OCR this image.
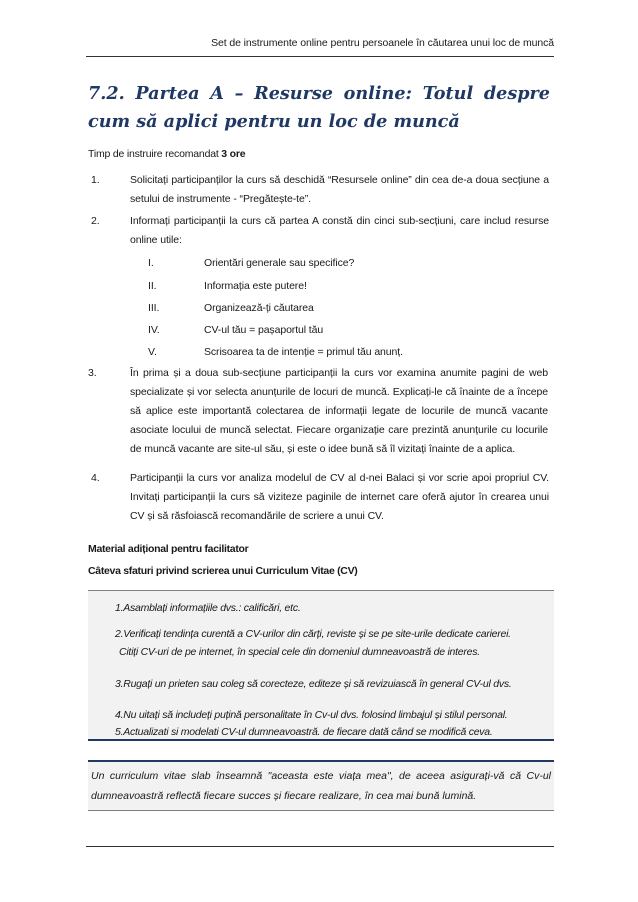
Set de instrumente online pentru persoanele în căutarea unui loc de muncă
7.2. Partea A – Resurse online: Totul despre cum să aplici pentru un loc de muncă
Timp de instruire recomandat 3 ore
1.	Solicitați participanților la curs să deschidă “Resursele online” din cea de-a doua secțiune a setului de instrumente - “Pregătește-te”.
2.	Informați participanții la curs că partea A constă din cinci sub-secțiuni, care includ resurse online utile:
I.	Orientări generale sau specifice?
II.	Informația este putere!
III.	Organizează-ți căutarea
IV.	CV-ul tău = pașaportul tău
V.	Scrisoarea ta de intenție = primul tău anunț.
3.	În prima și a doua sub-secțiune participanții la curs vor examina anumite pagini de web specializate și vor selecta anunțurile de locuri de muncă. Explicați-le că înainte de a începe să aplice este importantă colectarea de informații legate de locurile de muncă vacante asociate locului de muncă selectat. Fiecare organizație care prezintă anunțurile cu locurile de muncă vacante are site-ul său, și este o idee bună să îl vizitați înainte de a aplica.
4.	Participanții la curs vor analiza modelul de CV al d-nei Balaci și vor scrie apoi propriul CV. Invitați participanții la curs să viziteze paginile de internet care oferă ajutor în crearea unui CV și să răsfoiască recomandările de scriere a unui CV.
Material adițional pentru facilitator
Câteva sfaturi privind scrierea unui Curriculum Vitae (CV)
1.Asamblați informațiile dvs.: calificări, etc.
2.Verificați tendința curentă a CV-urilor din cărți, reviste și se pe site-urile dedicate carierei.
Citiți CV-uri de pe internet, în special cele din domeniul dumneavoastră de interes.
3.Rugați un prieten sau coleg să corecteze, editeze și să revizuiască în general CV-ul dvs.
4.Nu uitați să includeți puțină personalitate în Cv-ul dvs. folosind limbajul și stilul personal.
5.Actualizati si modelati CV-ul dumneavoastră. de fiecare dată când se modifică ceva.
Un curriculum vitae slab înseamnă "aceasta este viața mea", de aceea asigurați-vă că Cv-ul dumneavoastră reflectă fiecare succes și fiecare realizare, în cea mai bună lumină.
